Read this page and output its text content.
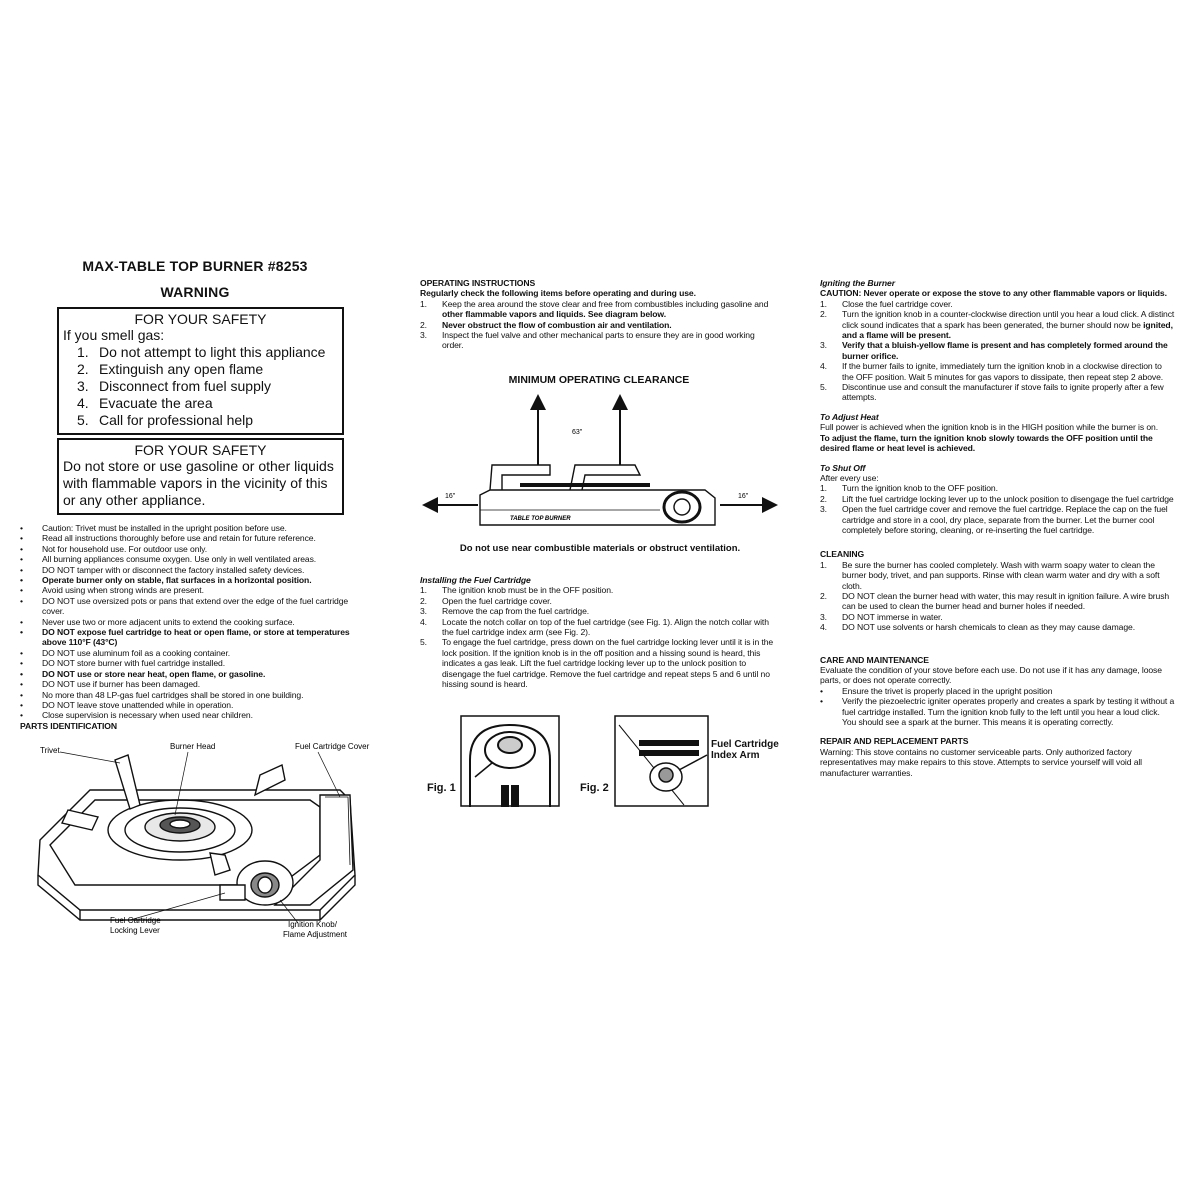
MAX-TABLE TOP BURNER #8253
WARNING
FOR YOUR SAFETY
If you smell gas:
1. Do not attempt to light this appliance
2. Extinguish any open flame
3. Disconnect from fuel supply
4. Evacuate the area
5. Call for professional help
FOR YOUR SAFETY
Do not store or use gasoline or other liquids with flammable vapors in the vicinity of this or any other appliance.
• Caution: Trivet must be installed in the upright position before use.
• Read all instructions thoroughly before use and retain for future reference.
• Not for household use. For outdoor use only.
• All burning appliances consume oxygen. Use only in well ventilated areas.
• DO NOT tamper with or disconnect the factory installed safety devices.
• Operate burner only on stable, flat surfaces in a horizontal position.
• Avoid using when strong winds are present.
• DO NOT use oversized pots or pans that extend over the edge of the fuel cartridge cover.
• Never use two or more adjacent units to extend the cooking surface.
• DO NOT expose fuel cartridge to heat or open flame, or store at temperatures above 110°F (43°C)
• DO NOT use aluminum foil as a cooking container.
• DO NOT store burner with fuel cartridge installed.
• DO NOT use or store near heat, open flame, or gasoline.
• DO NOT use if burner has been damaged.
• No more than 48 LP-gas fuel cartridges shall be stored in one building.
• DO NOT leave stove unattended while in operation.
• Close supervision is necessary when used near children.
PARTS IDENTIFICATION
Trivet	Burner Head	Fuel Cartridge Cover
Fuel Cartridge
Locking Lever
Ignition Knob/
Flame Adjustment
OPERATING INSTRUCTIONS
Regularly check the following items before operating and during use.
1. Keep the area around the stove clear and free from combustibles including gasoline and other flammable vapors and liquids. See diagram below.
2. Never obstruct the flow of combustion air and ventilation.
3. Inspect the fuel valve and other mechanical parts to ensure they are in good working order.
MINIMUM OPERATING CLEARANCE
63"
16"	16"
TABLE TOP BURNER
Do not use near combustible materials or obstruct ventilation.
Installing the Fuel Cartridge
1. The ignition knob must be in the OFF position.
2. Open the fuel cartridge cover.
3. Remove the cap from the fuel cartridge.
4. Locate the notch collar on top of the fuel cartridge (see Fig. 1). Align the notch collar with the fuel cartridge index arm (see Fig. 2).
5. To engage the fuel cartridge, press down on the fuel cartridge locking lever until it is in the lock position. If the ignition knob is in the off position and a hissing sound is heard, this indicates a gas leak. Lift the fuel cartridge locking lever up to the unlock position to disengage the fuel cartridge. Remove the fuel cartridge and repeat steps 5 and 6 until no hissing sound is heard.
Fig. 1	Fig. 2
Fuel Cartridge
Index Arm
Igniting the Burner
CAUTION: Never operate or expose the stove to any other flammable vapors or liquids.
1. Close the fuel cartridge cover.
2. Turn the ignition knob in a counter-clockwise direction until you hear a loud click. A distinct click sound indicates that a spark has been generated, the burner should now be ignited, and a flame will be present.
3. Verify that a bluish-yellow flame is present and has completely formed around the burner orifice.
4. If the burner fails to ignite, immediately turn the ignition knob in a clockwise direction to the OFF position. Wait 5 minutes for gas vapors to dissipate, then repeat step 2 above.
5. Discontinue use and consult the manufacturer if stove fails to ignite properly after a few attempts.
To Adjust Heat
Full power is achieved when the ignition knob is in the HIGH position while the burner is on.
To adjust the flame, turn the ignition knob slowly towards the OFF position until the desired flame or heat level is achieved.
To Shut Off
After every use:
1. Turn the ignition knob to the OFF position.
2. Lift the fuel cartridge locking lever up to the unlock position to disengage the fuel cartridge
3. Open the fuel cartridge cover and remove the fuel cartridge. Replace the cap on the fuel cartridge and store in a cool, dry place, separate from the burner. Let the burner cool completely before storing, cleaning, or re-inserting the fuel cartridge.
CLEANING
1. Be sure the burner has cooled completely. Wash with warm soapy water to clean the burner body, trivet, and pan supports. Rinse with clean warm water and dry with a soft cloth.
2. DO NOT clean the burner head with water, this may result in ignition failure. A wire brush can be used to clean the burner head and burner holes if needed.
3. DO NOT immerse in water.
4. DO NOT use solvents or harsh chemicals to clean as they may cause damage.
CARE AND MAINTENANCE
Evaluate the condition of your stove before each use. Do not use if it has any damage, loose parts, or does not operate correctly.
• Ensure the trivet is properly placed in the upright position
• Verify the piezoelectric igniter operates properly and creates a spark by testing it without a fuel cartridge installed. Turn the ignition knob fully to the left until you hear a loud click. You should see a spark at the burner. This means it is operating correctly.
REPAIR AND REPLACEMENT PARTS
Warning: This stove contains no customer serviceable parts. Only authorized factory representatives may make repairs to this stove. Attempts to service yourself will void all manufacturer warranties.
